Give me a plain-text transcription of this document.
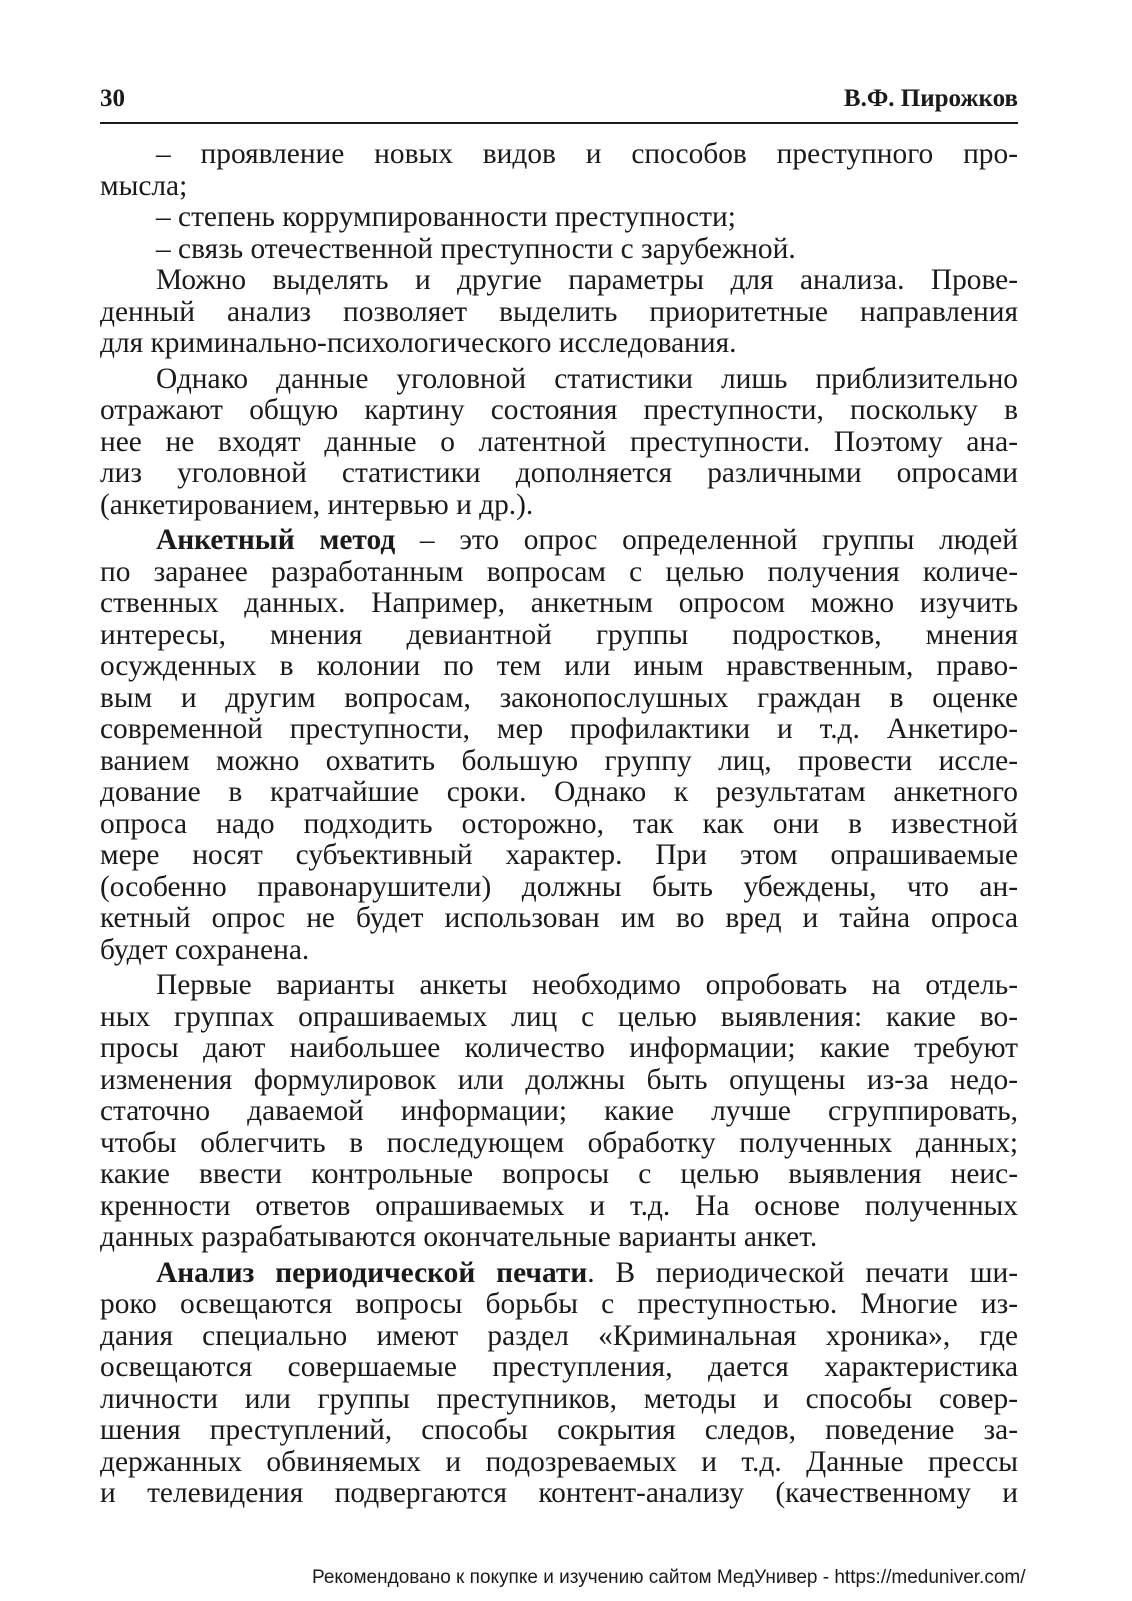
30	В.Ф. Пирожков
– проявление новых видов и способов преступного про-
мысла;
– степень коррумпированности преступности;
– связь отечественной преступности с зарубежной.
Можно выделять и другие параметры для анализа. Прове-
денный анализ позволяет выделить приоритетные направления
для криминально-психологического исследования.
Однако данные уголовной статистики лишь приблизительно
отражают общую картину состояния преступности, поскольку в
нее не входят данные о латентной преступности. Поэтому ана-
лиз уголовной статистики дополняется различными опросами
(анкетированием, интервью и др.).
Анкетный метод – это опрос определенной группы людей
по заранее разработанным вопросам с целью получения количе-
ственных данных. Например, анкетным опросом можно изучить
интересы, мнения девиантной группы подростков, мнения
осужденных в колонии по тем или иным нравственным, право-
вым и другим вопросам, законопослушных граждан в оценке
современной преступности, мер профилактики и т.д. Анкетиро-
ванием можно охватить большую группу лиц, провести иссле-
дование в кратчайшие сроки. Однако к результатам анкетного
опроса надо подходить осторожно, так как они в известной
мере носят субъективный характер. При этом опрашиваемые
(особенно правонарушители) должны быть убеждены, что ан-
кетный опрос не будет использован им во вред и тайна опроса
будет сохранена.
Первые варианты анкеты необходимо опробовать на отдель-
ных группах опрашиваемых лиц с целью выявления: какие во-
просы дают наибольшее количество информации; какие требуют
изменения формулировок или должны быть опущены из-за недо-
статочно даваемой информации; какие лучше сгруппировать,
чтобы облегчить в последующем обработку полученных данных;
какие ввести контрольные вопросы с целью выявления неис-
кренности ответов опрашиваемых и т.д. На основе полученных
данных разрабатываются окончательные варианты анкет.
Анализ периодической печати. В периодической печати ши-
роко освещаются вопросы борьбы с преступностью. Многие из-
дания специально имеют раздел «Криминальная хроника», где
освещаются совершаемые преступления, дается характеристика
личности или группы преступников, методы и способы совер-
шения преступлений, способы сокрытия следов, поведение за-
держанных обвиняемых и подозреваемых и т.д. Данные прессы
и телевидения подвергаются контент-анализу (качественному и
Рекомендовано к покупке и изучению сайтом МедУнивер - https://meduniver.com/
